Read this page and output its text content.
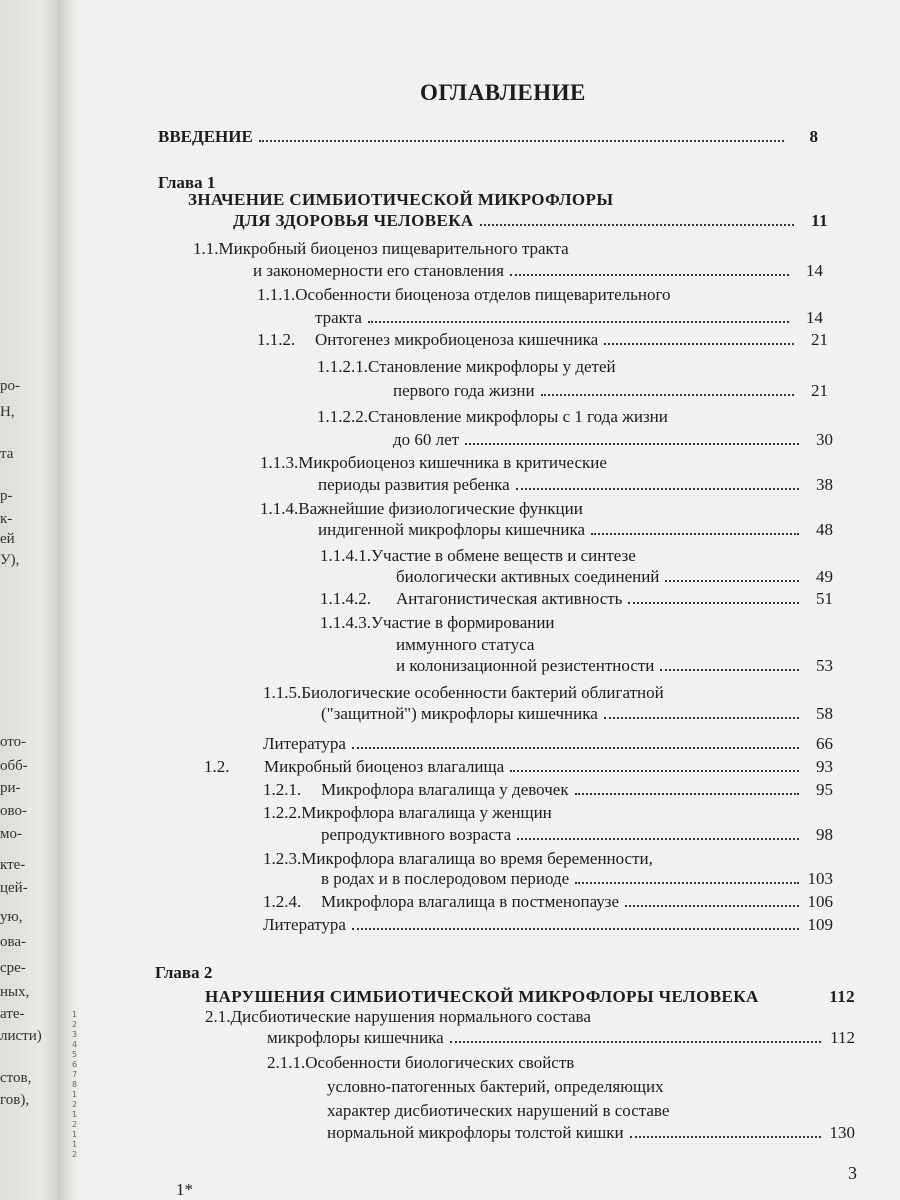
ро-
Н,
та
р-
к-
ей
У),
ото-
обб-
ри-
ово-
мо-
кте-
цей-
ую,
ова-
сре-
ных,
ате-
листи)
стов,
гов),
1
2
3
4
5
6
7
8
1
2
1
2
1
1
2
ОГЛАВЛЕНИЕ
ВВЕДЕНИЕ	8
Глава 1
ЗНАЧЕНИЕ СИМБИОТИЧЕСКОЙ МИКРОФЛОРЫ
ДЛЯ ЗДОРОВЬЯ ЧЕЛОВЕКА	11
1.1.Микробный биоценоз пищеварительного тракта
и закономерности его становления	14
1.1.1.Особенности биоценоза отделов пищеварительного
тракта	14
1.1.2.	Онтогенез микробиоценоза кишечника	21
1.1.2.1.Становление микрофлоры у детей
первого года жизни	21
1.1.2.2.Становление микрофлоры с 1 года жизни
до 60 лет	30
1.1.3.Микробиоценоз кишечника в критические
периоды развития ребенка	38
1.1.4.Важнейшие физиологические функции
индигенной микрофлоры кишечника	48
1.1.4.1.Участие в обмене веществ и синтезе
биологически активных соединений	49
1.1.4.2.	Антагонистическая активность	51
1.1.4.3.Участие в формировании
иммунного статуса
и колонизационной резистентности	53
1.1.5.Биологические особенности бактерий облигатной
("защитной") микрофлоры кишечника	58
Литература	66
1.2.	Микробный биоценоз влагалища	93
1.2.1.	Микрофлора влагалища у девочек	95
1.2.2.Микрофлора влагалища у женщин
репродуктивного возраста	98
1.2.3.Микрофлора влагалища во время беременности,
в родах и в послеродовом периоде	103
1.2.4.	Микрофлора влагалища в постменопаузе	106
Литература	109
Глава 2
НАРУШЕНИЯ СИМБИОТИЧЕСКОЙ МИКРОФЛОРЫ ЧЕЛОВЕКА	112
2.1.Дисбиотические нарушения нормального состава
микрофлоры кишечника	112
2.1.1.Особенности биологических свойств
условно-патогенных бактерий, определяющих
характер дисбиотических нарушений в составе
нормальной микрофлоры толстой кишки	130
3
1*
